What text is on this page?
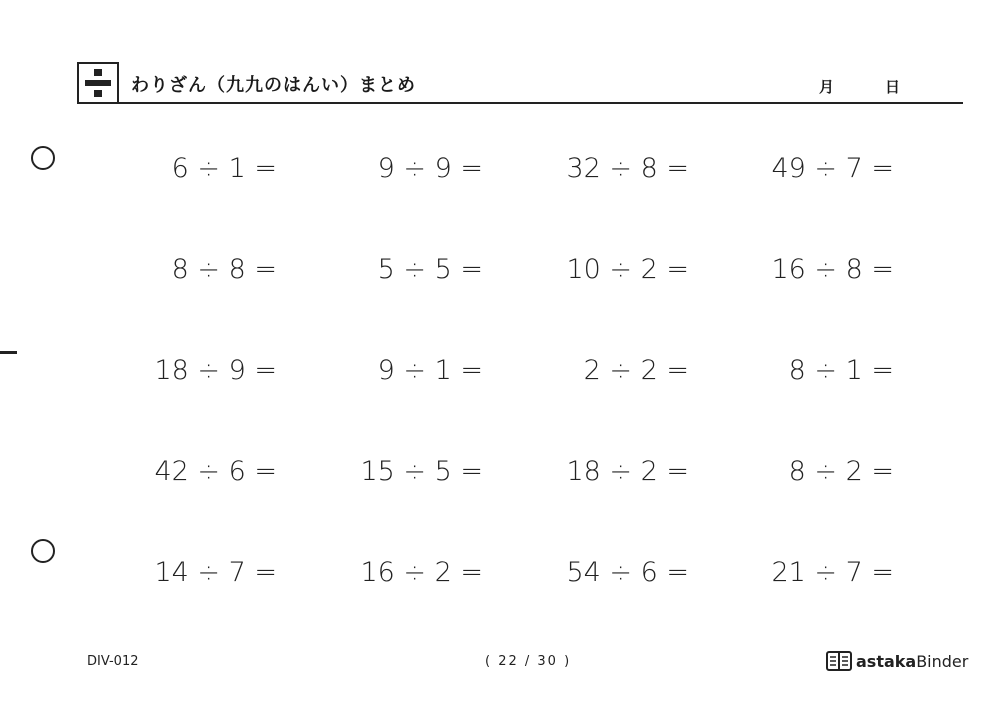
わりざん（九九のはんい）まとめ	月	日
6 ÷ 1 =	9 ÷ 9 =	32 ÷ 8 =	49 ÷ 7 =
8 ÷ 8 =	5 ÷ 5 =	10 ÷ 2 =	16 ÷ 8 =
18 ÷ 9 =	9 ÷ 1 =	2 ÷ 2 =	8 ÷ 1 =
42 ÷ 6 =	15 ÷ 5 =	18 ÷ 2 =	8 ÷ 2 =
14 ÷ 7 =	16 ÷ 2 =	54 ÷ 6 =	21 ÷ 7 =
DIV-012	( 22 / 30 )	astakaBinder
